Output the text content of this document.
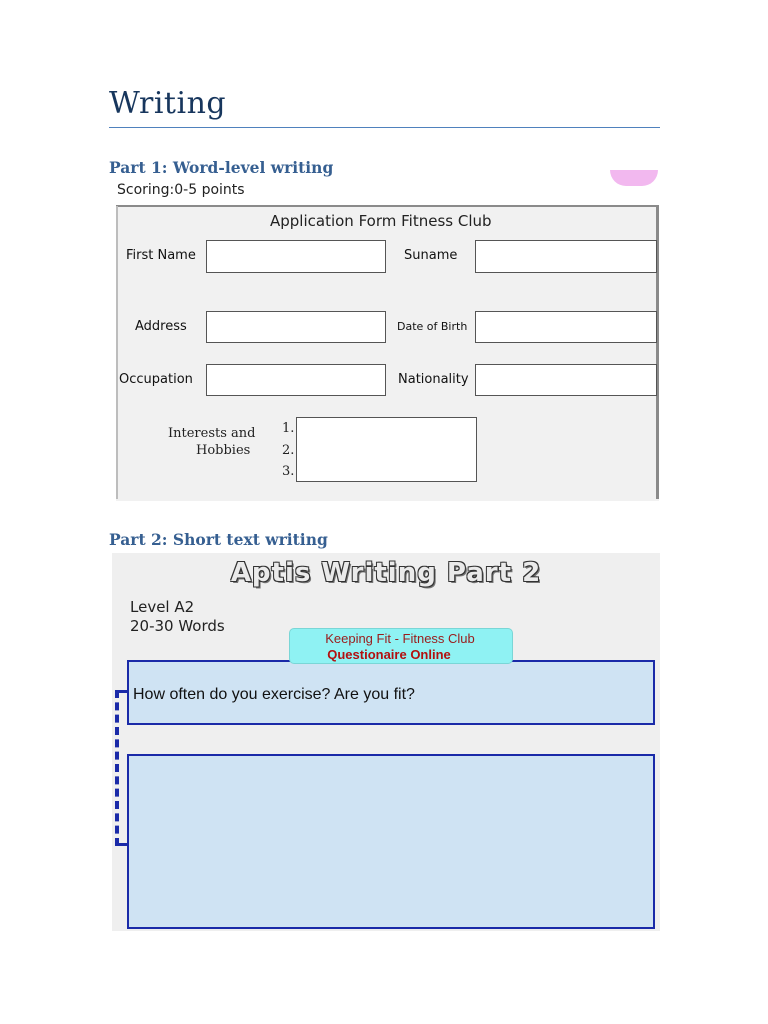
Writing
Part 1: Word-level writing
Scoring:0-5 points
Application Form Fitness Club
First Name	Suname
Address	Date of Birth
Occupation	Nationality
Interests and
Hobbies
1.
2.
3.
Part 2: Short text writing
Aptis Writing Part 2
Level A2
20-30 Words
Keeping Fit - Fitness Club
Questionaire Online
How often do you exercise? Are you fit?
